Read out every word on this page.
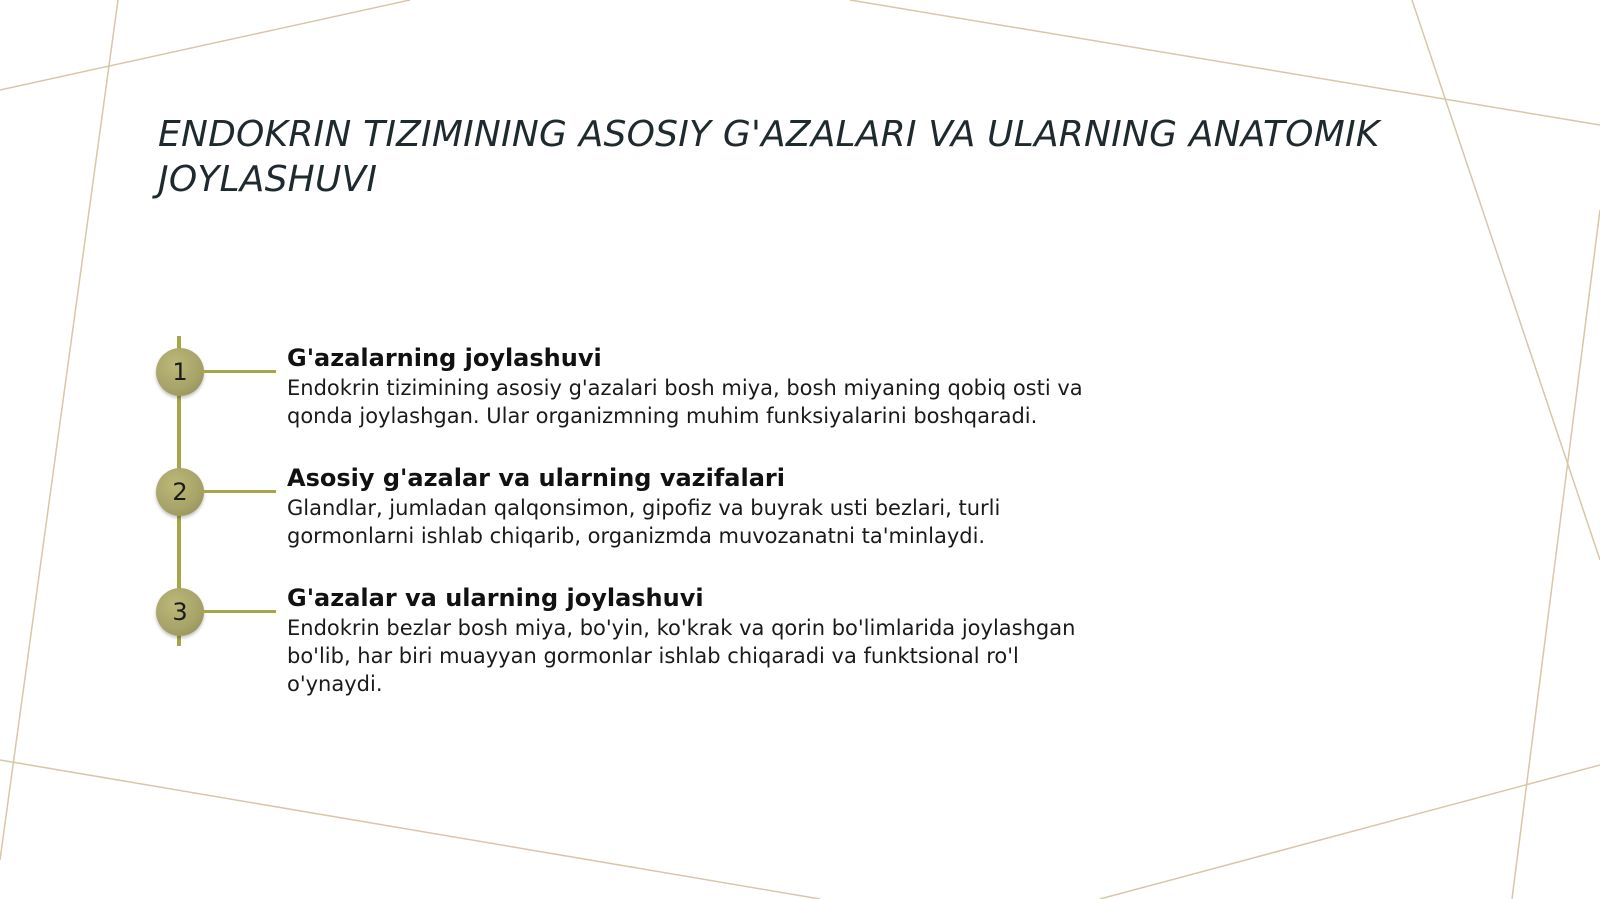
ENDOKRIN TIZIMINING ASOSIY G'AZALARI VA ULARNING ANATOMIK JOYLASHUVI
1	G'azalarning joylashuvi

Endokrin tizimining asosiy g'azalari bosh miya, bosh miyaning qobiq osti va qonda joylashgan. Ular organizmning muhim funksiyalarini boshqaradi.

2	Asosiy g'azalar va ularning vazifalari

Glandlar, jumladan qalqonsimon, gipofiz va buyrak usti bezlari, turli gormonlarni ishlab chiqarib, organizmda muvozanatni ta'minlaydi.

3	G'azalar va ularning joylashuvi

Endokrin bezlar bosh miya, bo'yin, ko'krak va qorin bo'limlarida joylashgan bo'lib, har biri muayyan gormonlar ishlab chiqaradi va funktsional ro'l o'ynaydi.
